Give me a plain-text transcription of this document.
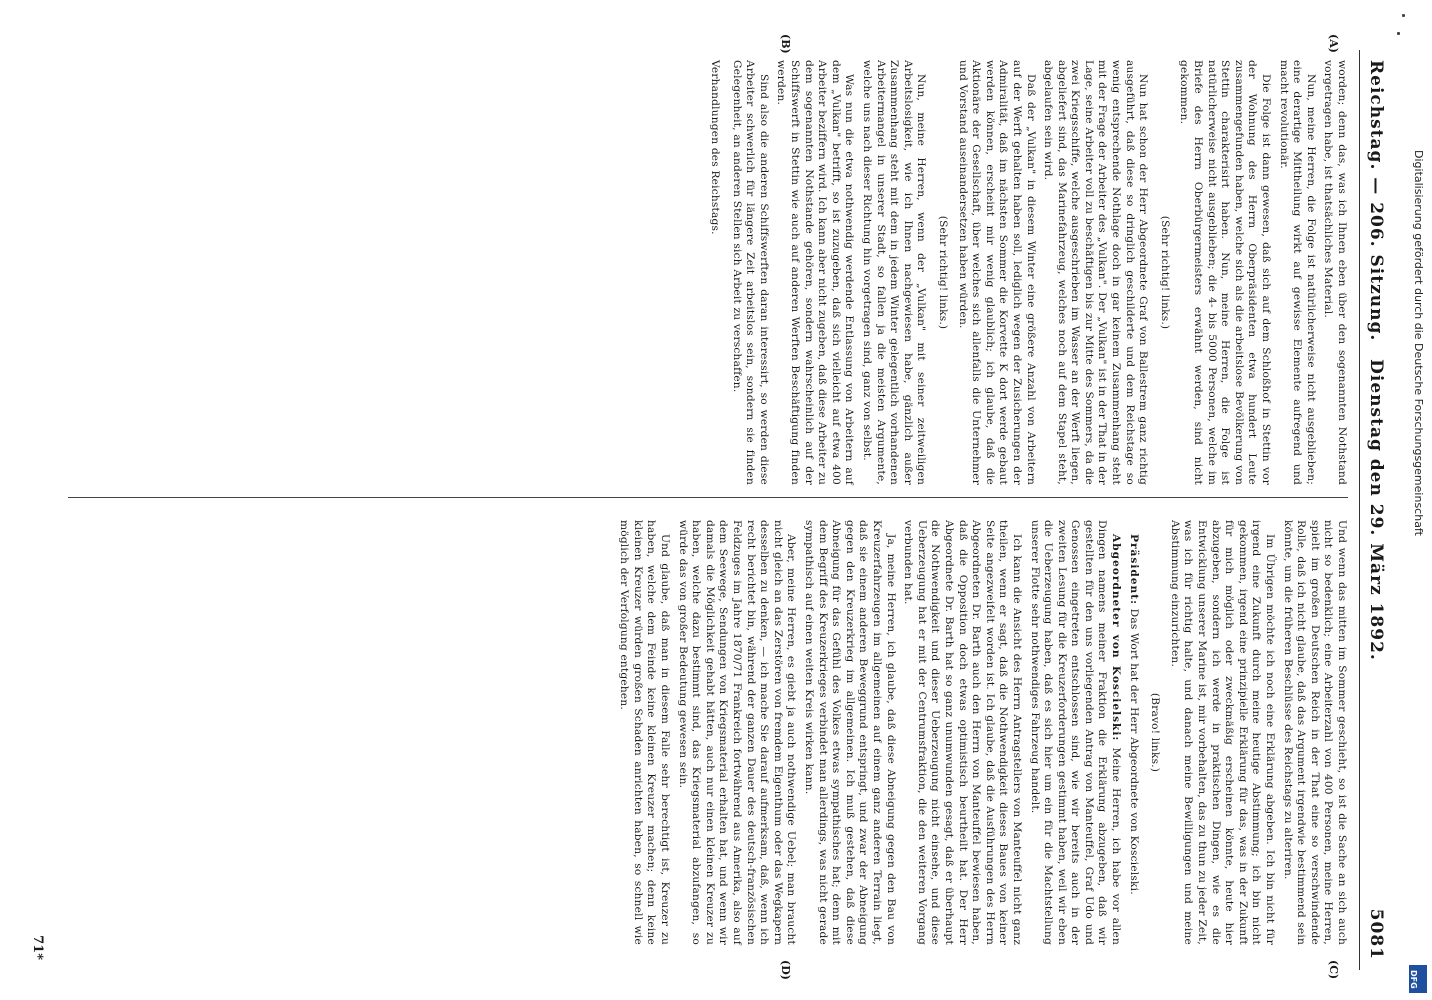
Reichstag. — 206. Sitzung.
Dienstag den 29. März 1892.
5081
(A)
(B)
(C)
(D)

worden; denn das, was ich Ihnen eben über den sogenannten Nothstand vorgetragen habe, ist thatsächliches Material.

Nun, meine Herren, die Folge ist natürlicherweise nicht ausgeblieben; eine derartige Mittheilung wirkt auf gewisse Elemente aufregend und macht revolutionär.

Die Folge ist dann gewesen, daß sich auf dem Schloßhof in Stettin vor der Wohnung des Herrn Oberpräsidenten etwa hundert Leute zusammengefunden haben, welche sich als die arbeitslose Bevölkerung von Stettin charakterisirt haben. Nun, meine Herren, die Folge ist natürlicherweise nicht ausgeblieben; die 4- bis 5000 Personen, welche im Briefe des Herrn Oberbürgermeisters erwähnt werden, sind nicht gekommen.

(Sehr richtig! links.)

Nun hat schon der Herr Abgeordnete Graf von Ballestrem ganz richtig ausgeführt, daß diese so dringlich geschilderte und dem Reichstage so wenig entsprechende Nothlage doch in gar keinem Zusammenhang steht mit der Frage der Arbeiter des „Vulkan". Der „Vulkan" ist in der That in der Lage, seine Arbeiter voll zu beschäftigen bis zur Mitte des Sommers, da die zwei Kriegsschiffe, welche ausgeschrieben im Wasser an der Werft liegen, abgeliefert sind, das Marinefahrzeug, welches noch auf dem Stapel steht, abgelaufen sein wird.

Daß der „Vulkan" in diesem Winter eine größere Anzahl von Arbeitern auf der Werft gehalten haben soll, lediglich wegen der Zusicherungen der Admiralität, daß im nächsten Sommer die Korvette K dort werde gebaut werden können, erscheint mir wenig glaublich; ich glaube, daß die Aktionäre der Gesellschaft, über welches sich allenfalls die Unternehmer und Vorstand auseinandersetzen haben würden.

(Sehr richtig! links.)

Nun, meine Herren, wenn der „Vulkan" mit seiner zeitweiligen Arbeitslosigkeit, wie ich Ihnen nachgewiesen habe, gänzlich außer Zusammenhang steht mit dem in jedem Winter gelegentlich vorhandenen Arbeitermangel in unserer Stadt, so fallen ja die meisten Argumente, welche uns nach dieser Richtung hin vorgetragen sind, ganz von selbst.

Was nun die etwa nothwendig werdende Entlassung von Arbeitern auf dem „Vulkan" betrifft, so ist zuzugeben, daß sich vielleicht auf etwa 400 Arbeiter beziffern wird. Ich kann aber nicht zugeben, daß diese Arbeiter zu dem sogenannten Nothstande gehören, sondern wahrscheinlich auf der Schiffswerft in Stettin wie auch auf anderen Werften Beschäftigung finden werden.

Sind also die anderen Schiffswerften daran interessirt, so werden diese Arbeiter schwerlich für längere Zeit arbeitslos sein, sondern sie finden Gelegenheit, an anderen Stellen sich Arbeit zu verschaffen.

Verhandlungen des Reichstags.

Und wenn das mitten im Sommer geschieht, so ist die Sache an sich auch nicht so bedenklich; eine Arbeiterzahl von 400 Personen, meine Herren, spielt im großen Deutschen Reich in der That eine so verschwindende Rolle, daß ich nicht glaube, daß das Argument irgendwie bestimmend sein könnte, um die früheren Beschlüsse des Reichstags zu alteriren.

Im Übrigen möchte ich noch eine Erklärung abgeben. Ich bin nicht für irgend eine Zukunft durch meine heutige Abstimmung; ich bin nicht gekommen, irgend eine prinzipielle Erklärung für das, was in der Zukunft für mich möglich oder zweckmäßig erscheinen könnte, heute hier abzugeben, sondern ich werde in praktischen Dingen, wie es die Entwicklung unserer Marine ist, mir vorbehalten, das zu thun zu jeder Zeit, was ich für richtig halte, und danach meine Bewilligungen und meine Abstimmung einzurichten.

(Bravo! links.)

Präsident: Das Wort hat der Herr Abgeordnete von Koscielski.

Abgeordneter von Koscielski: Meine Herren, ich habe vor allen Dingen namens meiner Fraktion die Erklärung abzugeben, daß wir gestellten für den uns vorliegenden Antrag von Manteuffel, Graf Udo und Genossen eingetreten entschlossen sind, wie wir bereits auch in der zweiten Lesung für die Kreuzerforderungen gestimmt haben, weil wir eben die Ueberzeugung haben, daß es sich hier um ein für die Machtstellung unserer Flotte sehr nothwendiges Fahrzeug handelt.

Ich kann die Ansicht des Herrn Antragstellers von Manteuffel nicht ganz theilen, wenn er sagt, daß die Nothwendigkeit dieses Baues von keiner Seite angezweifelt worden ist. Ich glaube, daß die Ausführungen des Herrn Abgeordneten Dr. Barth auch den Herrn von Manteuffel bewiesen haben, daß die Opposition doch etwas optimistisch beurtheilt hat. Der Herr Abgeordnete Dr. Barth hat so ganz unumwunden gesagt, daß er überhaupt die Nothwendigkeit und dieser Ueberzeugung nicht einsehe, und diese Ueberzeugung hat er mit der Centrumsfraktion, die den weiteren Vorgang verbunden hat.

Ja, meine Herren, ich glaube, daß diese Abneigung gegen den Bau von Kreuzerfahrzeugen im allgemeinen auf einem ganz anderen Terrain liegt, daß sie einem anderen Beweggrund entspringt, und zwar der Abneigung gegen den Kreuzerkrieg im allgemeinen. Ich muß gestehen, daß diese Abneigung für das Gefühl des Volkes etwas sympathisches hat; denn mit dem Begriff des Kreuzerkrieges verbindet man allerdings, was nicht gerade sympathisch auf einen weiten Kreis wirken kann.

Aber, meine Herren, es giebt ja auch nothwendige Uebel; man braucht nicht gleich an das Zerstören von fremdem Eigenthum oder das Wegkapern desselben zu denken, — ich mache Sie darauf aufmerksam, daß, wenn ich recht berichtet bin, während der ganzen Dauer des deutsch-französischen Feldzuges im Jahre 1870/71 Frankreich fortwährend aus Amerika, also auf dem Seewege, Sendungen von Kriegsmaterial erhalten hat, und wenn wir damals die Möglichkeit gehabt hätten, auch nur einen kleinen Kreuzer zu haben, welche dazu bestimmt sind, das Kriegsmaterial abzufangen, so würde das von großer Bedeutung gewesen sein.

Und glaube, daß man in diesem Falle sehr berechtigt ist, Kreuzer zu haben, welche dem Feinde keine kleinen Kreuzer machen; denn keine kleinen Kreuzer würden großen Schaden anrichten haben, so schnell wie möglich der Verfolgung entgehen.

71*
Digitalisierung gefördert durch die Deutsche Forschungsgemeinschaft
DFG
